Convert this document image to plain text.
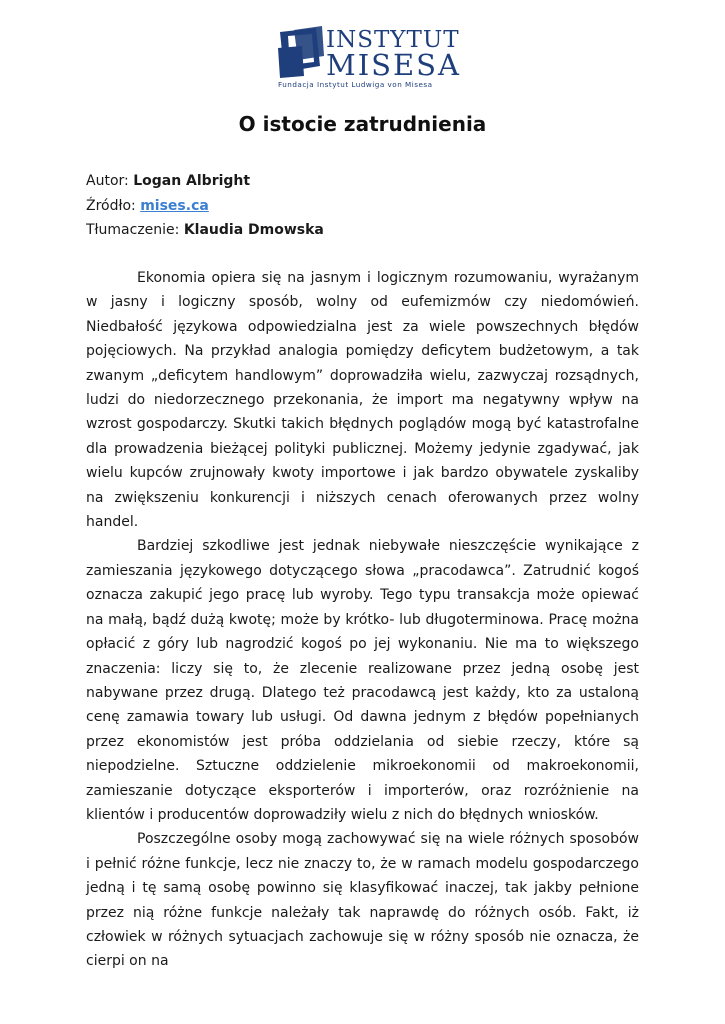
INSTYTUT
MISESA
Fundacja Instytut Ludwiga von Misesa
O istocie zatrudnienia
Autor: Logan Albright
Źródło: mises.ca
Tłumaczenie: Klaudia Dmowska

Ekonomia opiera się na jasnym i logicznym rozumowaniu, wyrażanym w jasny i logiczny sposób, wolny od eufemizmów czy niedomówień. Niedbałość językowa odpowiedzialna jest za wiele powszechnych błędów pojęciowych. Na przykład analogia pomiędzy deficytem budżetowym, a tak zwanym „deficytem handlowym” doprowadziła wielu, zazwyczaj rozsądnych, ludzi do niedorzecznego przekonania, że import ma negatywny wpływ na wzrost gospodarczy. Skutki takich błędnych poglądów mogą być katastrofalne dla prowadzenia bieżącej polityki publicznej. Możemy jedynie zgadywać, jak wielu kupców zrujnowały kwoty importowe i jak bardzo obywatele zyskaliby na zwiększeniu konkurencji i niższych cenach oferowanych przez wolny handel.

Bardziej szkodliwe jest jednak niebywałe nieszczęście wynikające z zamieszania językowego dotyczącego słowa „pracodawca”. Zatrudnić kogoś oznacza zakupić jego pracę lub wyroby. Tego typu transakcja może opiewać na małą, bądź dużą kwotę; może by krótko- lub długoterminowa. Pracę można opłacić z góry lub nagrodzić kogoś po jej wykonaniu. Nie ma to większego znaczenia: liczy się to, że zlecenie realizowane przez jedną osobę jest nabywane przez drugą. Dlatego też pracodawcą jest każdy, kto za ustaloną cenę zamawia towary lub usługi. Od dawna jednym z błędów popełnianych przez ekonomistów jest próba oddzielania od siebie rzeczy, które są niepodzielne. Sztuczne oddzielenie mikroekonomii od makroekonomii, zamieszanie dotyczące eksporterów i importerów, oraz rozróżnienie na klientów i producentów doprowadziły wielu z nich do błędnych wniosków.

Poszczególne osoby mogą zachowywać się na wiele różnych sposobów i pełnić różne funkcje, lecz nie znaczy to, że w ramach modelu gospodarczego jedną i tę samą osobę powinno się klasyfikować inaczej, tak jakby pełnione przez nią różne funkcje należały tak naprawdę do różnych osób. Fakt, iż człowiek w różnych sytuacjach zachowuje się w różny sposób nie oznacza, że cierpi on na
